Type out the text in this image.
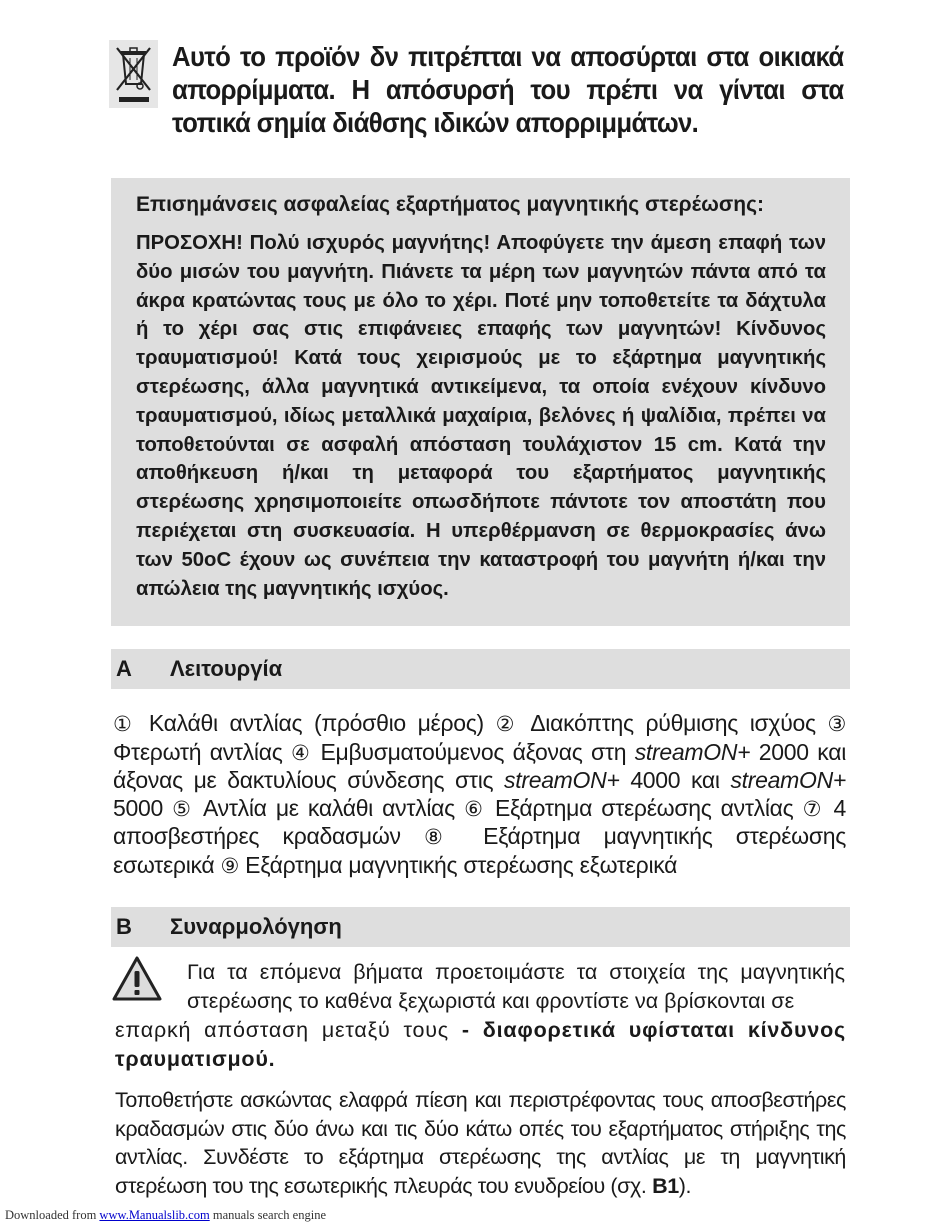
Αυτό το προϊόν δν πιτρέπται να αποσύρται στα οικιακά απορρίμματα. Η απόσυρσή του πρέπι να γίνται στα τοπικά σημία διάθσης ιδικών απορριμμάτων.
Επισημάνσεις ασφαλείας εξαρτήματος μαγνητικής στερέωσης:
ΠΡΟΣΟΧΗ! Πολύ ισχυρός μαγνήτης! Αποφύγετε την άμεση επαφή των δύο μισών του μαγνήτη. Πιάνετε τα μέρη των μαγνητών πάντα από τα άκρα κρατώντας τους με όλο το χέρι. Ποτέ μην τοποθετείτε τα δάχτυλα ή το χέρι σας στις επιφάνειες επαφής των μαγνητών! Κίνδυνος τραυματισμού! Κατά τους χειρισμούς με το εξάρτημα μαγνητικής στερέωσης, άλλα μαγνητικά αντικείμενα, τα οποία ενέχουν κίνδυνο τραυματισμού, ιδίως μεταλλικά μαχαίρια, βελόνες ή ψαλίδια, πρέπει να τοποθετούνται σε ασφαλή απόσταση τουλάχιστον 15 cm. Κατά την αποθήκευση ή/και τη μεταφορά του εξαρτήματος μαγνητικής στερέωσης χρησιμοποιείτε οπωσδήποτε πάντοτε τον αποστάτη που περιέχεται στη συσκευασία. Η υπερθέρμανση σε θερμοκρασίες άνω των 50oC έχουν ως συνέπεια την καταστροφή του μαγνήτη ή/και την απώλεια της μαγνητικής ισχύος.
A Λειτουργία
① Καλάθι αντλίας (πρόσθιο μέρος) ② Διακόπτης ρύθμισης ισχύος ③ Φτερωτή αντλίας ④ Εμβυσματούμενος άξονας στη streamON+ 2000 και άξονας με δακτυλίους σύνδεσης στις streamON+ 4000 και streamON+ 5000 ⑤ Αντλία με καλάθι αντλίας ⑥ Εξάρτημα στερέωσης αντλίας ⑦ 4 αποσβεστήρες κραδασμών ⑧ Εξάρτημα μαγνητικής στερέωσης εσωτερικά ⑨ Εξάρτημα μαγνητικής στερέωσης εξωτερικά
B Συναρμολόγηση
Για τα επόμενα βήματα προετοιμάστε τα στοιχεία της μαγνητικής στερέωσης το καθένα ξεχωριστά και φροντίστε να βρίσκονται σε
επαρκή απόσταση μεταξύ τους - διαφορετικά υφίσταται κίνδυνος τραυματισμού.
Τοποθετήστε ασκώντας ελαφρά πίεση και περιστρέφοντας τους αποσβεστήρες κραδασμών στις δύο άνω και τις δύο κάτω οπές του εξαρτήματος στήριξης της αντλίας. Συνδέστε το εξάρτημα στερέωσης της αντλίας με τη μαγνητική στερέωση του της εσωτερικής πλευράς του ενυδρείου (σχ. B1).
Downloaded from www.Manualslib.com manuals search engine
